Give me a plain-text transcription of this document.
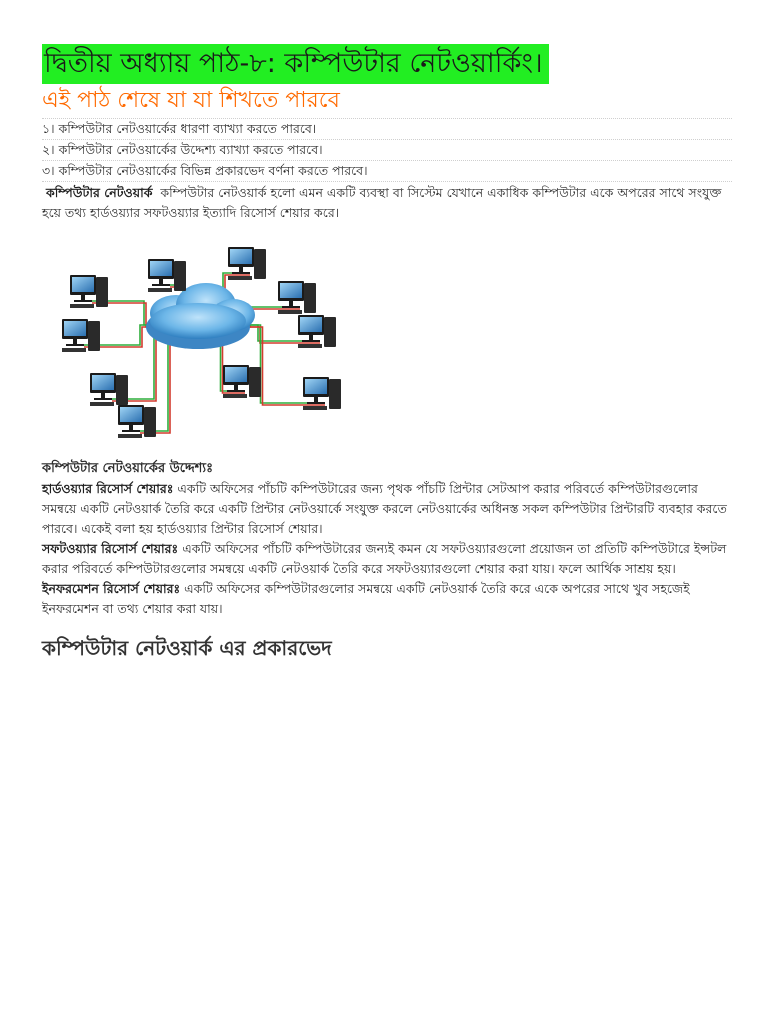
দ্বিতীয় অধ্যায় পাঠ-৮: কম্পিউটার নেটওয়ার্কিং।
এই পাঠ শেষে যা যা শিখতে পারবে
১। কম্পিউটার নেটওয়ার্কের ধারণা ব্যাখ্যা করতে পারবে।
২। কম্পিউটার নেটওয়ার্কের উদ্দেশ্য ব্যাখ্যা করতে পারবে।
৩। কম্পিউটার নেটওয়ার্কের বিভিন্ন প্রকারভেদ বর্ণনা করতে পারবে।
কম্পিউটার নেটওয়ার্ক কম্পিউটার নেটওয়ার্ক হলো এমন একটি ব্যবস্থা বা সিস্টেম যেখানে একাধিক কম্পিউটার একে অপরের সাথে সংযুক্ত হয়ে তথ্য হার্ডওয়্যার সফটওয়্যার ইত্যাদি রিসোর্স শেয়ার করে।
কম্পিউটার নেটওয়ার্কের উদ্দেশ্যঃ
হার্ডওয়্যার রিসোর্স শেয়ারঃ একটি অফিসের পাঁচটি কম্পিউটারের জন্য পৃথক পাঁচটি প্রিন্টার সেটআপ করার পরিবর্তে কম্পিউটারগুলোর সমন্বয়ে একটি নেটওয়ার্ক তৈরি করে একটি প্রিন্টার নেটওয়ার্কে সংযুক্ত করলে নেটওয়ার্কের অধিনস্ত সকল কম্পিউটার প্রিন্টারটি ব্যবহার করতে পারবে। একেই বলা হয় হার্ডওয়্যার প্রিন্টার রিসোর্স শেয়ার।
সফটওয়্যার রিসোর্স শেয়ারঃ একটি অফিসের পাঁচটি কম্পিউটারের জন্যই কমন যে সফটওয়্যারগুলো প্রয়োজন তা প্রতিটি কম্পিউটারে ইন্সটল করার পরিবর্তে কম্পিউটারগুলোর সমন্বয়ে একটি নেটওয়ার্ক তৈরি করে সফটওয়্যারগুলো শেয়ার করা যায়। ফলে আর্থিক সাশ্রয় হয়।
ইনফরমেশন রিসোর্স শেয়ারঃ একটি অফিসের কম্পিউটারগুলোর সমন্বয়ে একটি নেটওয়ার্ক তৈরি করে একে অপরের সাথে খুব সহজেই ইনফরমেশন বা তথ্য শেয়ার করা যায়।
কম্পিউটার নেটওয়ার্ক এর প্রকারভেদ
